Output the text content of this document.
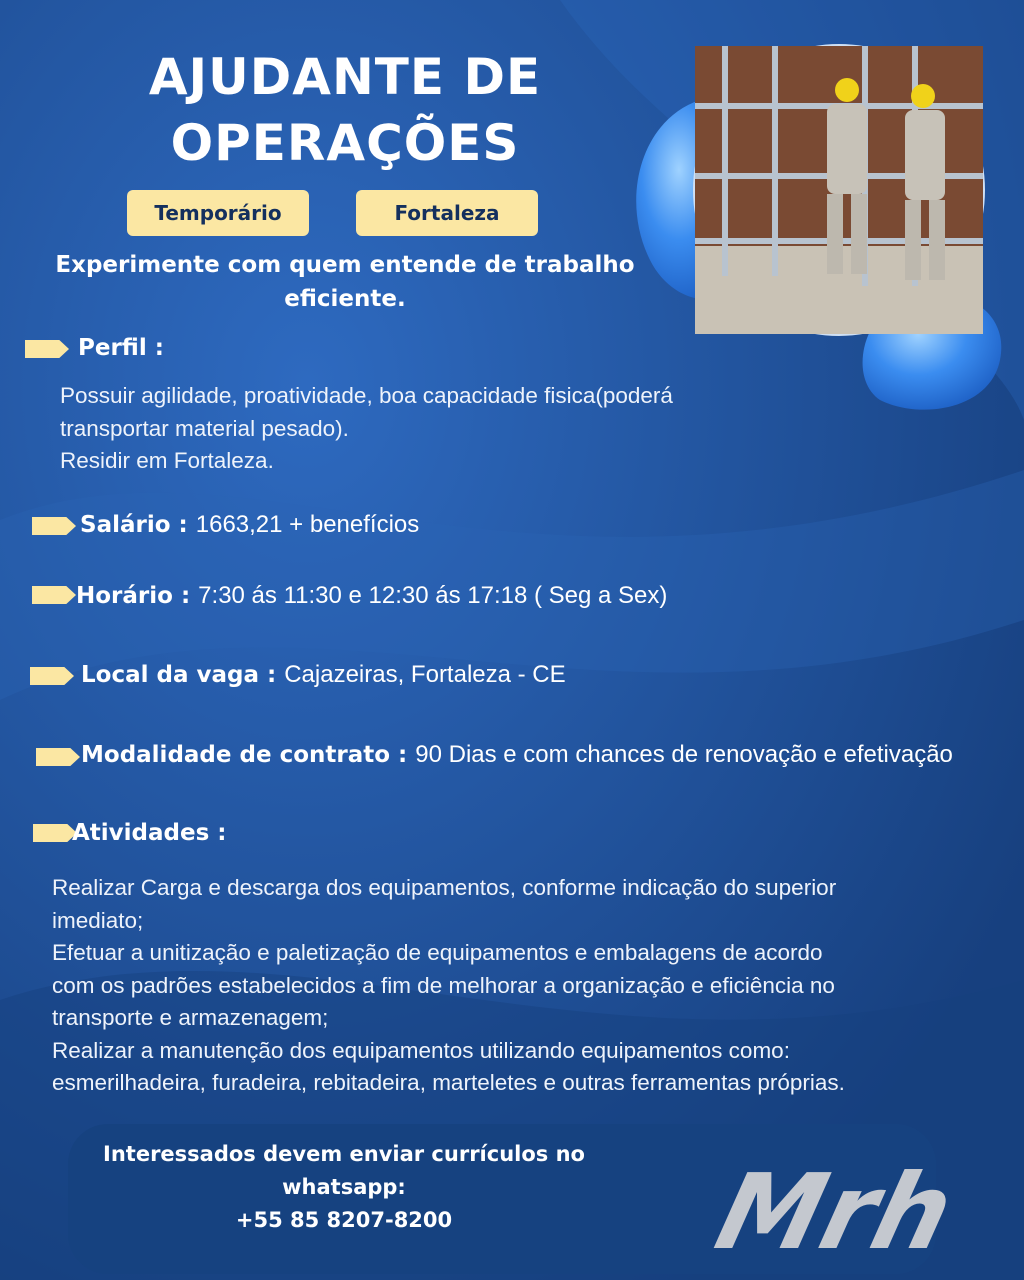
AJUDANTE DE
OPERAÇÕES
Temporário	Fortaleza
Experimente com quem entende de trabalho
eficiente.
Perfil :
Possuir agilidade, proatividade, boa capacidade fisica(poderá
transportar material pesado).
Residir em Fortaleza.
Salário : 1663,21 + benefícios
Horário : 7:30 ás 11:30 e 12:30 ás 17:18 ( Seg a Sex)
Local da vaga : Cajazeiras, Fortaleza - CE
Modalidade de contrato : 90 Dias e com chances de renovação e efetivação
Atividades :
Realizar Carga e descarga dos equipamentos, conforme indicação do superior
imediato;
Efetuar a unitização e paletização de equipamentos e embalagens de acordo
com os padrões estabelecidos a fim de melhorar a organização e eficiência no
transporte e armazenagem;
Realizar a manutenção dos equipamentos utilizando equipamentos como:
esmerilhadeira, furadeira, rebitadeira, marteletes e outras ferramentas próprias.
Interessados devem enviar currículos no
whatsapp:
+55 85 8207-8200	Mrh
